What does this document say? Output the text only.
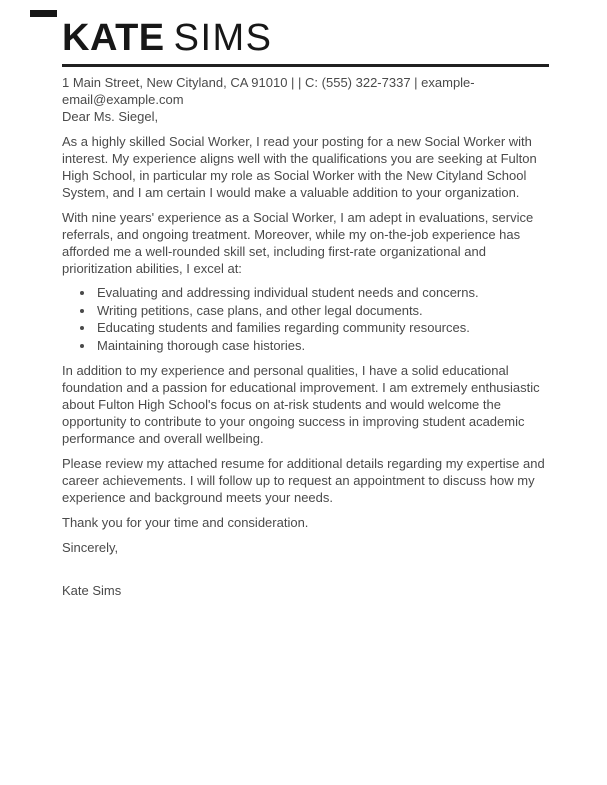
KATE SIMS
1 Main Street, New Cityland, CA 91010 | | C: (555) 322-7337 | example-
email@example.com

Dear Ms. Siegel,

As a highly skilled Social Worker, I read your posting for a new Social Worker with interest. My experience aligns well with the qualifications you are seeking at Fulton High School, in particular my role as Social Worker with the New Cityland School System, and I am certain I would make a valuable addition to your organization.

With nine years' experience as a Social Worker, I am adept in evaluations, service referrals, and ongoing treatment. Moreover, while my on-the-job experience has afforded me a well-rounded skill set, including first-rate organizational and prioritization abilities, I excel at:

• Evaluating and addressing individual student needs and concerns.
• Writing petitions, case plans, and other legal documents.
• Educating students and families regarding community resources.
• Maintaining thorough case histories.

In addition to my experience and personal qualities, I have a solid educational foundation and a passion for educational improvement. I am extremely enthusiastic about Fulton High School's focus on at-risk students and would welcome the opportunity to contribute to your ongoing success in improving student academic performance and overall wellbeing.

Please review my attached resume for additional details regarding my expertise and career achievements. I will follow up to request an appointment to discuss how my experience and background meets your needs.

Thank you for your time and consideration.

Sincerely,

Kate Sims
